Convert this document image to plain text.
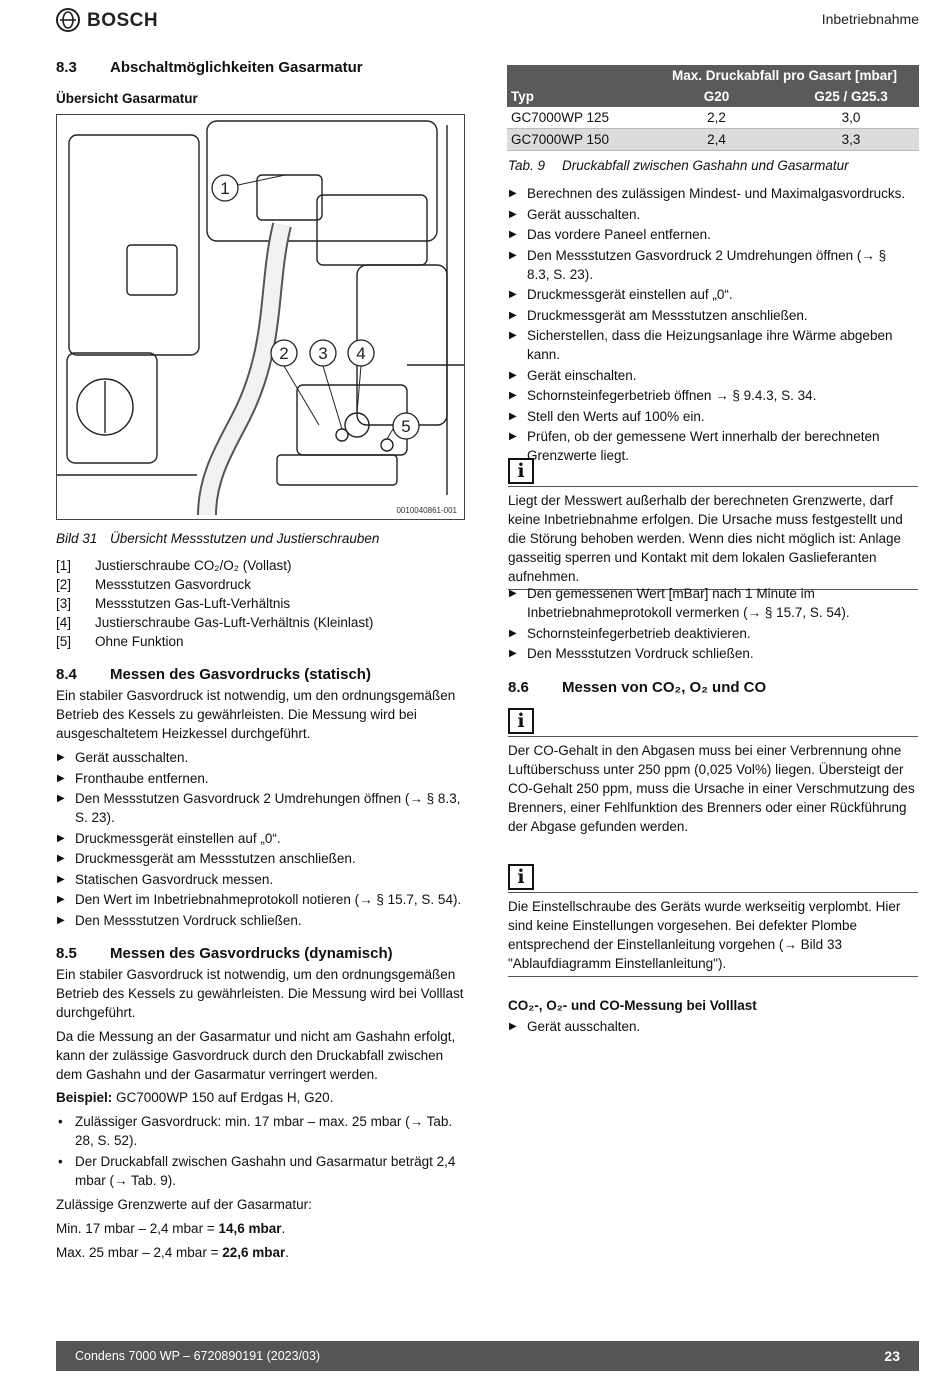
BOSCH	Inbetriebnahme
8.3	Abschaltmöglichkeiten Gasarmatur
Übersicht Gasarmatur
1
2 3 4
5
0010040861-001
Bild 31 Übersicht Messstutzen und Justierschrauben
[1]	Justierschraube CO₂/O₂ (Vollast)
[2]	Messstutzen Gasvordruck
[3]	Messstutzen Gas-Luft-Verhältnis
[4]	Justierschraube Gas-Luft-Verhältnis (Kleinlast)
[5]	Ohne Funktion
8.4	Messen des Gasvordrucks (statisch)

Ein stabiler Gasvordruck ist notwendig, um den ordnungsgemäßen Betrieb des Kessels zu gewährleisten. Die Messung wird bei ausgeschaltetem Heizkessel durchgeführt.

▶ Gerät ausschalten.
▶ Fronthaube entfernen.
▶ Den Messstutzen Gasvordruck 2 Umdrehungen öffnen (→ § 8.3, S. 23).
▶ Druckmessgerät einstellen auf „0“.
▶ Druckmessgerät am Messstutzen anschließen.
▶ Statischen Gasvordruck messen.
▶ Den Wert im Inbetriebnahmeprotokoll notieren (→ § 15.7, S. 54).
▶ Den Messstutzen Vordruck schließen.
8.5	Messen des Gasvordrucks (dynamisch)

Ein stabiler Gasvordruck ist notwendig, um den ordnungsgemäßen Betrieb des Kessels zu gewährleisten. Die Messung wird bei Volllast durchgeführt.

Da die Messung an der Gasarmatur und nicht am Gashahn erfolgt, kann der zulässige Gasvordruck durch den Druckabfall zwischen dem Gashahn und der Gasarmatur verringert werden.

Beispiel: GC7000WP 150 auf Erdgas H, G20.

• Zulässiger Gasvordruck: min. 17 mbar – max. 25 mbar (→ Tab. 28, S. 52).
• Der Druckabfall zwischen Gashahn und Gasarmatur beträgt 2,4 mbar (→ Tab. 9).

Zulässige Grenzwerte auf der Gasarmatur:

Min. 17 mbar – 2,4 mbar = 14,6 mbar.

Max. 25 mbar – 2,4 mbar = 22,6 mbar.

	Max. Druckabfall pro Gasart [mbar]	
Typ	G20	G25 / G25.3
GC7000WP 125	2,2	3,0
GC7000WP 150	2,4	3,3
Tab. 9	Druckabfall zwischen Gashahn und Gasarmatur
▶ Berechnen des zulässigen Mindest- und Maximalgasvordrucks.
▶ Gerät ausschalten.
▶ Das vordere Paneel entfernen.
▶ Den Messstutzen Gasvordruck 2 Umdrehungen öffnen (→ § 8.3, S. 23).
▶ Druckmessgerät einstellen auf „0“.
▶ Druckmessgerät am Messstutzen anschließen.
▶ Sicherstellen, dass die Heizungsanlage ihre Wärme abgeben kann.
▶ Gerät einschalten.
▶ Schornsteinfegerbetrieb öffnen → § 9.4.3, S. 34.
▶ Stell den Werts auf 100% ein.
▶ Prüfen, ob der gemessene Wert innerhalb der berechneten Grenzwerte liegt.
i

Liegt der Messwert außerhalb der berechneten Grenzwerte, darf keine Inbetriebnahme erfolgen. Die Ursache muss festgestellt und die Störung behoben werden. Wenn dies nicht möglich ist: Anlage gasseitig sperren und Kontakt mit dem lokalen Gaslieferanten aufnehmen.

▶ Den gemessenen Wert [mBar] nach 1 Minute im Inbetriebnahmeprotokoll vermerken (→ § 15.7, S. 54).
▶ Schornsteinfegerbetrieb deaktivieren.
▶ Den Messstutzen Vordruck schließen.
8.6	Messen von CO₂, O₂ und CO
i

Der CO-Gehalt in den Abgasen muss bei einer Verbrennung ohne Luftüberschuss unter 250 ppm (0,025 Vol%) liegen. Übersteigt der CO-Gehalt 250 ppm, muss die Ursache in einer Verschmutzung des Brenners, einer Fehlfunktion des Brenners oder einer Rückführung der Abgase gefunden werden.

i

Die Einstellschraube des Geräts wurde werkseitig verplombt. Hier sind keine Einstellungen vorgesehen. Bei defekter Plombe entsprechend der Einstellanleitung vorgehen (→ Bild 33 "Ablaufdiagramm Einstellanleitung").

CO₂-, O₂- und CO-Messung bei Volllast
▶ Gerät ausschalten.
Condens 7000 WP – 6720890191 (2023/03)	23
